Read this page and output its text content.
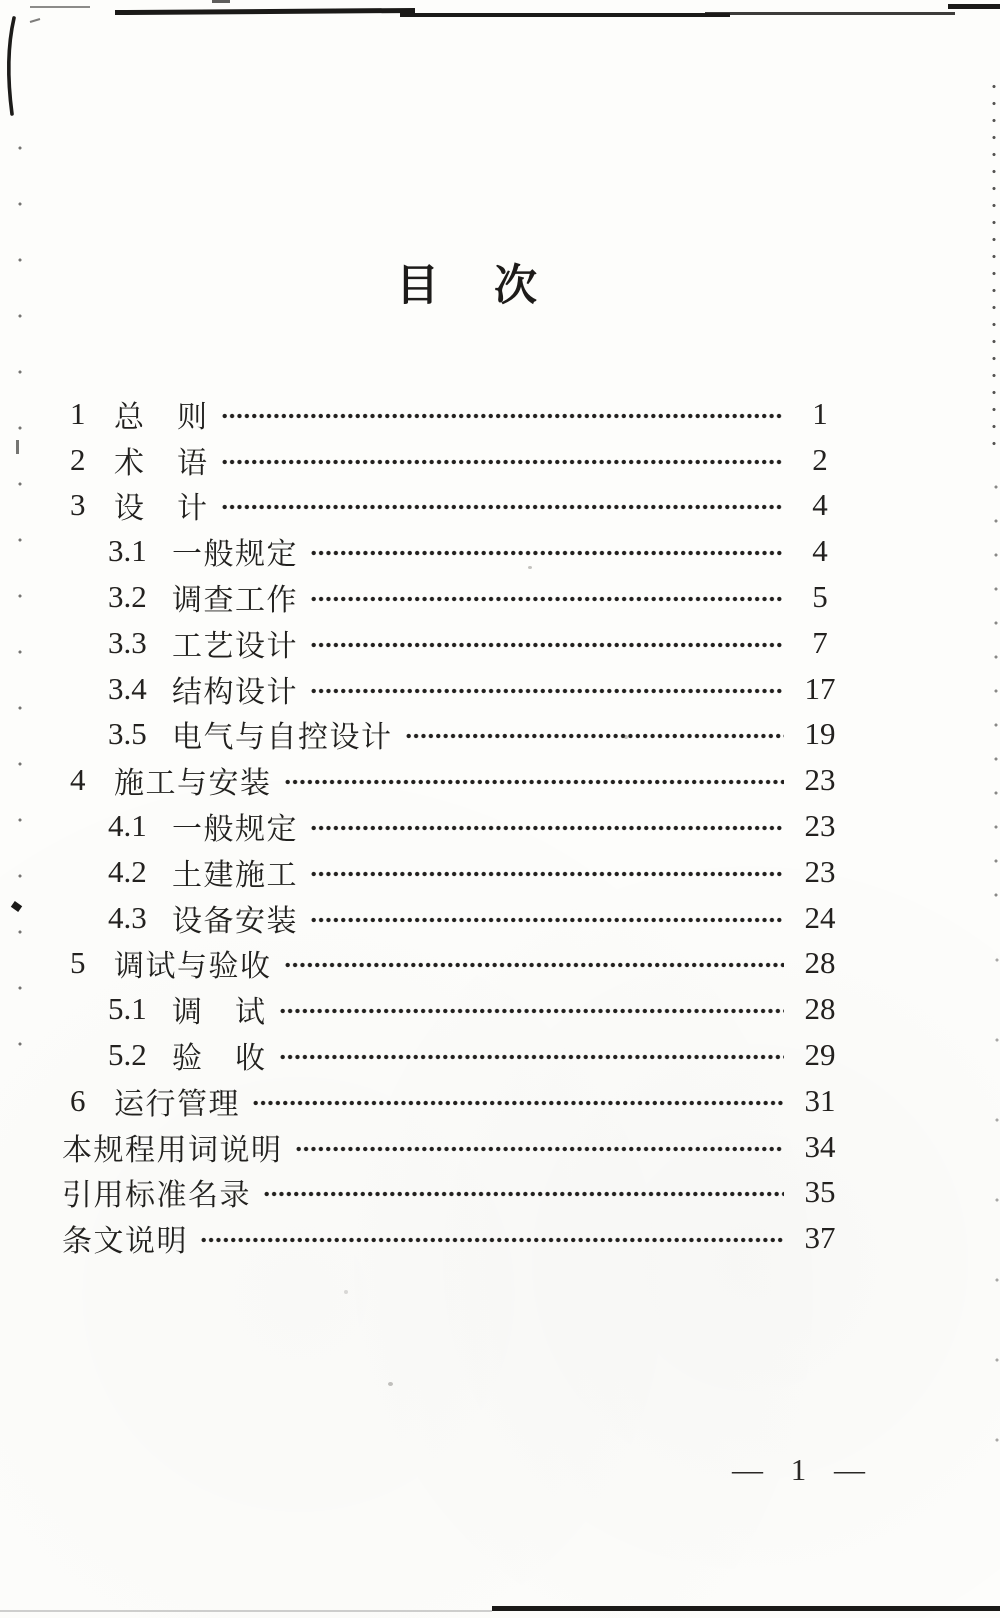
目　次
1 总　则	1
2 术　语	2
3 设　计	4
3.1 一般规定	4
3.2 调查工作	5
3.3 工艺设计	7
3.4 结构设计	17
3.5 电气与自控设计	19
4 施工与安装	23
4.1 一般规定	23
4.2 土建施工	23
4.3 设备安装	24
5 调试与验收	28
5.1 调　试	28
5.2 验　收	29
6 运行管理	31
本规程用词说明	34
引用标准名录	35
条文说明	37
— 1 —
